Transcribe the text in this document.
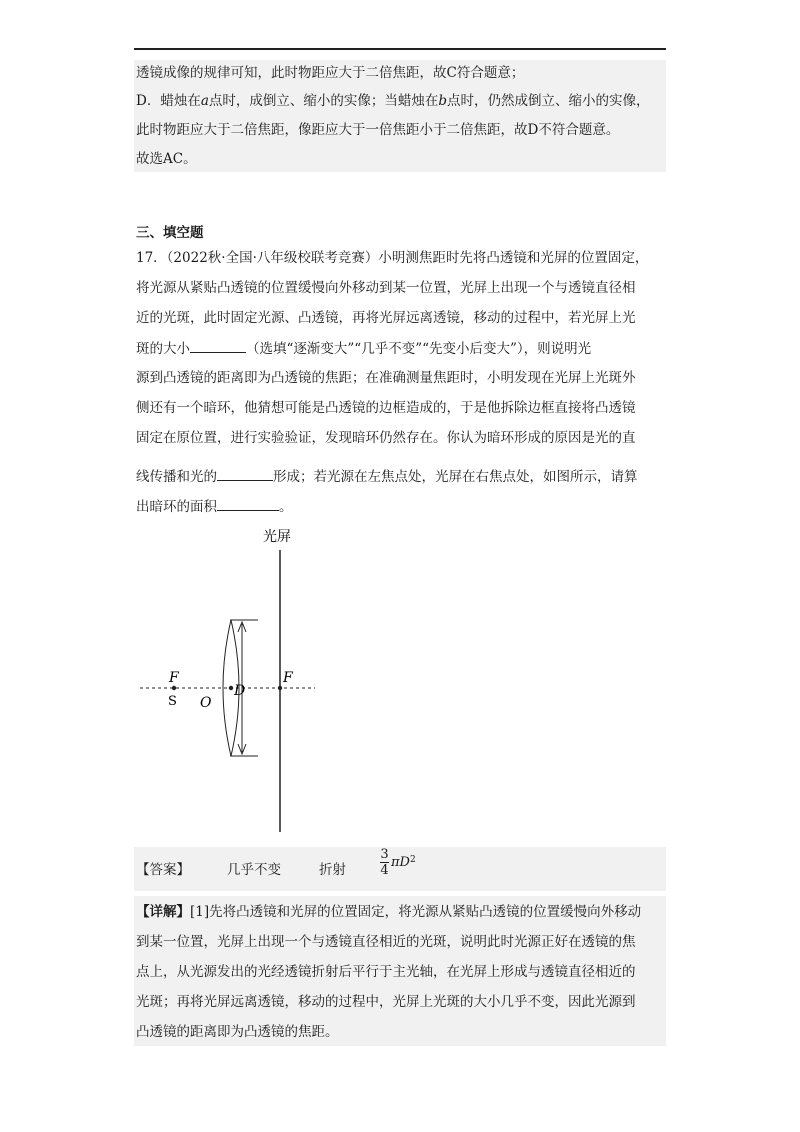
透镜成像的规律可知，此时物距应大于二倍焦距，故C符合题意；
D．蜡烛在a点时，成倒立、缩小的实像；当蜡烛在b点时，仍然成倒立、缩小的实像，
此时物距应大于二倍焦距，像距应大于一倍焦距小于二倍焦距，故D不符合题意。
故选AC。
三、填空题
17．（2022秋·全国·八年级校联考竞赛）小明测焦距时先将凸透镜和光屏的位置固定，
将光源从紧贴凸透镜的位置缓慢向外移动到某一位置，光屏上出现一个与透镜直径相
近的光斑，此时固定光源、凸透镜，再将光屏远离透镜，移动的过程中，若光屏上光
斑的大小	（选填“逐渐变大”“几乎不变”“先变小后变大”），则说明光
源到凸透镜的距离即为凸透镜的焦距；在准确测量焦距时，小明发现在光屏上光斑外
侧还有一个暗环，他猜想可能是凸透镜的边框造成的，于是他拆除边框直接将凸透镜
固定在原位置，进行实验验证，发现暗环仍然存在。你认为暗环形成的原因是光的直
线传播和光的	形成；若光源在左焦点处，光屏在右焦点处，如图所示，请算
出暗环的面积	。
光屏
F
S O
D
F
【答案】	几乎不变	折射
3
4
π $D^2$
【详解】[1]先将凸透镜和光屏的位置固定，将光源从紧贴凸透镜的位置缓慢向外移动
到某一位置，光屏上出现一个与透镜直径相近的光斑，说明此时光源正好在透镜的焦
点上，从光源发出的光经透镜折射后平行于主光轴，在光屏上形成与透镜直径相近的
光斑；再将光屏远离透镜，移动的过程中，光屏上光斑的大小几乎不变，因此光源到
凸透镜的距离即为凸透镜的焦距。
